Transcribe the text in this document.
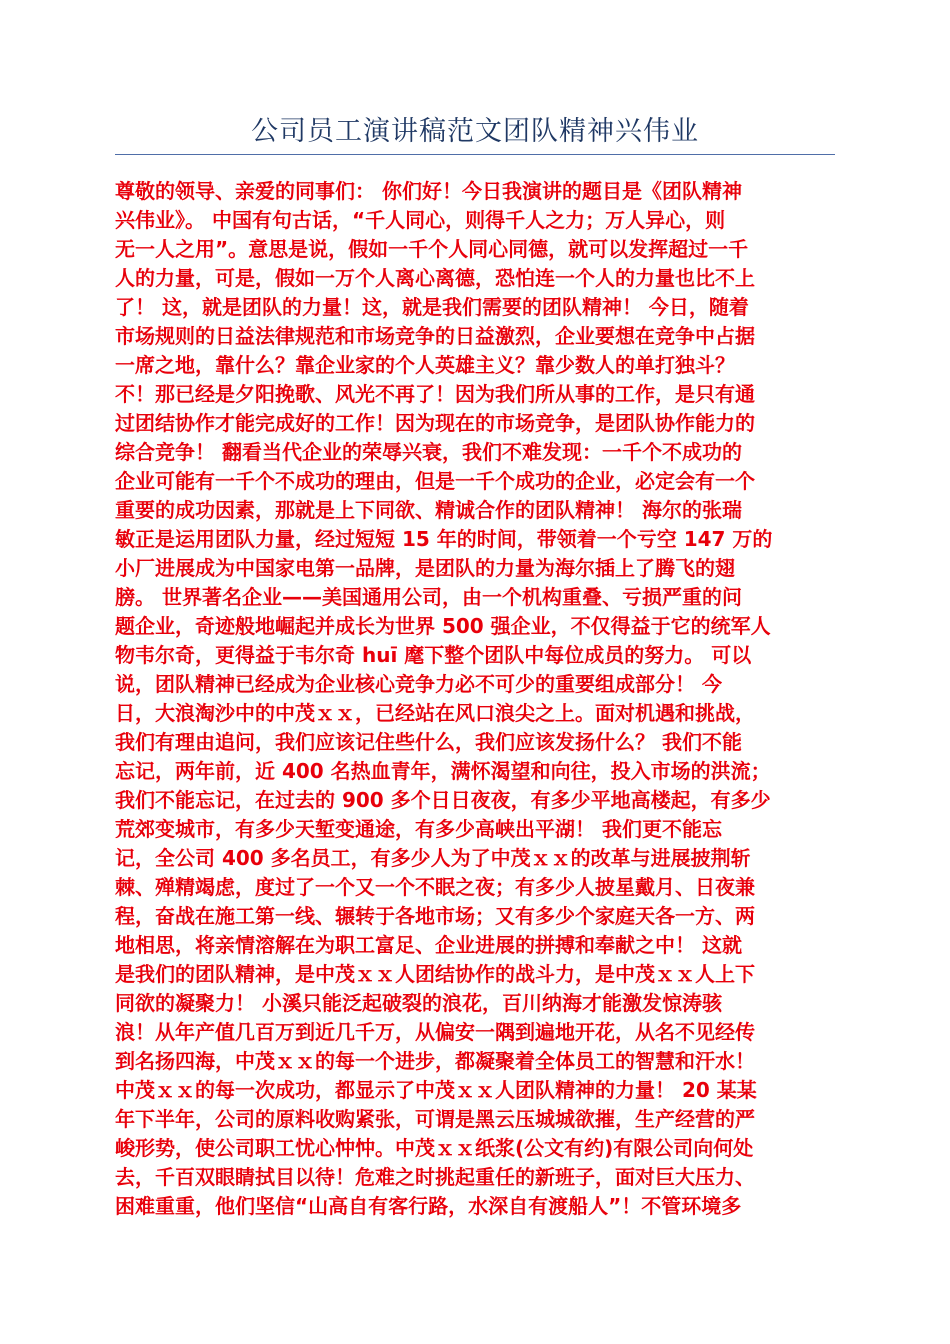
公司员工演讲稿范文团队精神兴伟业
尊敬的领导、亲爱的同事们： 你们好！今日我演讲的题目是《团队精神
兴伟业》。 中国有句古话，“千人同心，则得千人之力；万人异心，则
无一人之用”。意思是说，假如一千个人同心同德，就可以发挥超过一千
人的力量，可是，假如一万个人离心离德，恐怕连一个人的力量也比不上
了！ 这，就是团队的力量！这，就是我们需要的团队精神！ 今日，随着
市场规则的日益法律规范和市场竞争的日益激烈，企业要想在竞争中占据
一席之地，靠什么？靠企业家的个人英雄主义？靠少数人的单打独斗？
不！那已经是夕阳挽歌、风光不再了！因为我们所从事的工作，是只有通
过团结协作才能完成好的工作！因为现在的市场竞争，是团队协作能力的
综合竞争！ 翻看当代企业的荣辱兴衰，我们不难发现：一千个不成功的
企业可能有一千个不成功的理由，但是一千个成功的企业，必定会有一个
重要的成功因素，那就是上下同欲、精诚合作的团队精神！ 海尔的张瑞
敏正是运用团队力量，经过短短 15 年的时间，带领着一个亏空 147 万的
小厂进展成为中国家电第一品牌，是团队的力量为海尔插上了腾飞的翅
膀。 世界著名企业——美国通用公司，由一个机构重叠、亏损严重的问
题企业，奇迹般地崛起并成长为世界 500 强企业，不仅得益于它的统军人
物韦尔奇，更得益于韦尔奇 huī 麾下整个团队中每位成员的努力。 可以
说，团队精神已经成为企业核心竞争力必不可少的重要组成部分！ 今
日，大浪淘沙中的中茂ｘｘ，已经站在风口浪尖之上。面对机遇和挑战，
我们有理由追问，我们应该记住些什么，我们应该发扬什么？ 我们不能
忘记，两年前，近 400 名热血青年，满怀渴望和向往，投入市场的洪流；
我们不能忘记，在过去的 900 多个日日夜夜，有多少平地高楼起，有多少
荒郊变城市，有多少天堑变通途，有多少高峡出平湖！ 我们更不能忘
记，全公司 400 多名员工，有多少人为了中茂ｘｘ的改革与进展披荆斩
棘、殚精竭虑，度过了一个又一个不眠之夜；有多少人披星戴月、日夜兼
程，奋战在施工第一线、辗转于各地市场；又有多少个家庭天各一方、两
地相思，将亲情溶解在为职工富足、企业进展的拼搏和奉献之中！ 这就
是我们的团队精神，是中茂ｘｘ人团结协作的战斗力，是中茂ｘｘ人上下
同欲的凝聚力！ 小溪只能泛起破裂的浪花，百川纳海才能激发惊涛骇
浪！从年产值几百万到近几千万，从偏安一隅到遍地开花，从名不见经传
到名扬四海，中茂ｘｘ的每一个进步，都凝聚着全体员工的智慧和汗水！
中茂ｘｘ的每一次成功，都显示了中茂ｘｘ人团队精神的力量！ 20 某某
年下半年，公司的原料收购紧张，可谓是黑云压城城欲摧，生产经营的严
峻形势，使公司职工忧心忡忡。中茂ｘｘ纸浆(公文有约)有限公司向何处
去，千百双眼睛拭目以待！危难之时挑起重任的新班子，面对巨大压力、
困难重重，他们坚信“山高自有客行路，水深自有渡船人”！不管环境多
